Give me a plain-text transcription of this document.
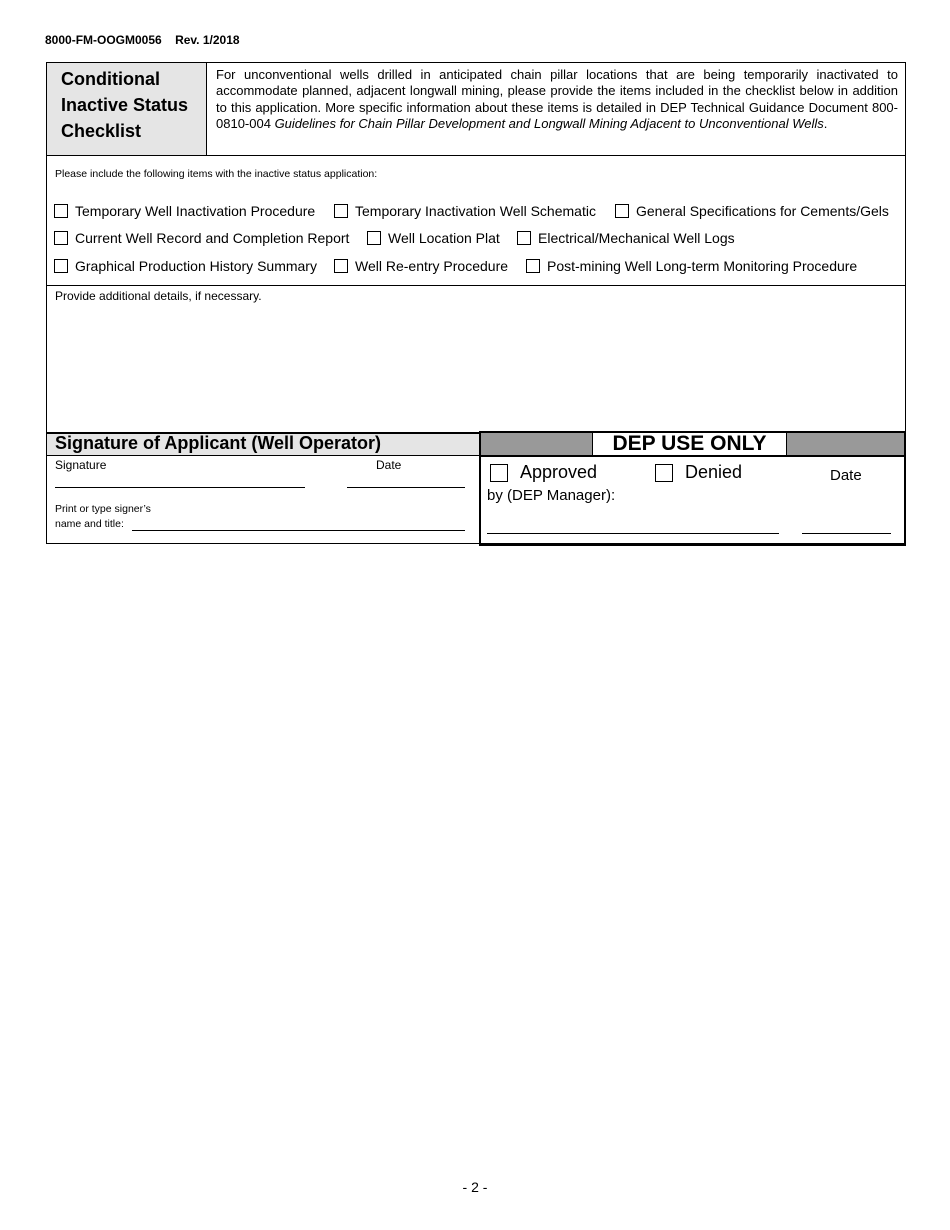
8000-FM-OOGM0056 Rev. 1/2018
Conditional
Inactive Status
Checklist
For unconventional wells drilled in anticipated chain pillar locations that are being temporarily inactivated to accommodate planned, adjacent longwall mining, please provide the items included in the checklist below in addition to this application. More specific information about these items is detailed in DEP Technical Guidance Document 800-0810-004 Guidelines for Chain Pillar Development and Longwall Mining Adjacent to Unconventional Wells.
Please include the following items with the inactive status application:
Temporary Well Inactivation Procedure	Temporary Inactivation Well Schematic	General Specifications for Cements/Gels
Current Well Record and Completion Report	Well Location Plat	Electrical/Mechanical Well Logs
Graphical Production History Summary	Well Re-entry Procedure	Post-mining Well Long-term Monitoring Procedure
Provide additional details, if necessary.
Signature of Applicant (Well Operator)
Signature	Date
Print or type signer’s
name and title:
DEP USE ONLY
Approved	Denied	Date
by (DEP Manager):
- 2 -
